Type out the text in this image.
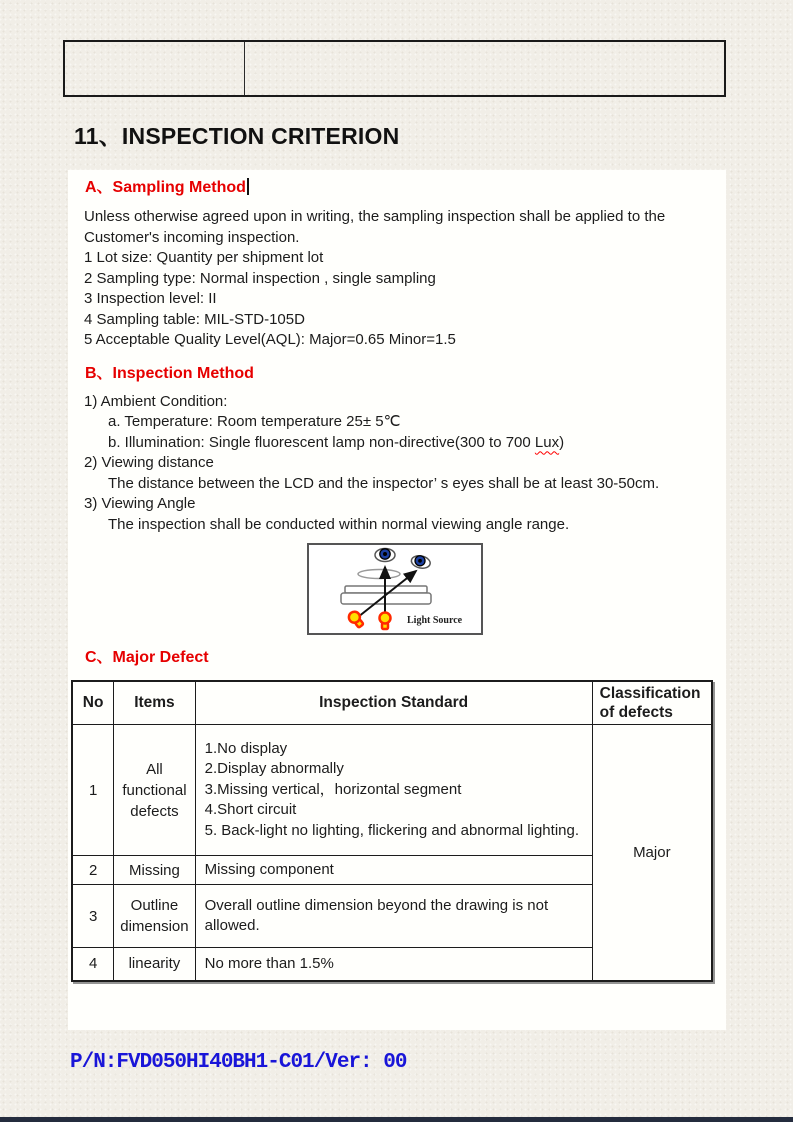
11、INSPECTION CRITERION
A、Sampling Method
Unless otherwise agreed upon in writing, the sampling inspection shall be applied to the Customer's incoming inspection.
1 Lot size: Quantity per shipment lot
2 Sampling type: Normal inspection , single sampling
3 Inspection level: II
4 Sampling table: MIL-STD-105D
5 Acceptable Quality Level(AQL): Major=0.65 Minor=1.5
B、Inspection Method
1) Ambient Condition:
a. Temperature: Room temperature 25± 5℃
b. Illumination: Single fluorescent lamp non-directive(300 to 700 Lux)
2) Viewing distance
The distance between the LCD and the inspector’ s eyes shall be at least 30-50cm.
3) Viewing Angle
The inspection shall be conducted within normal viewing angle range.
Light Source
C、Major Defect
No	Items	Inspection Standard	Classification of defects
1	All functional defects	1.No display
2.Display abnormally
3.Missing vertical，horizontal segment
4.Short circuit
5. Back-light no lighting, flickering and abnormal lighting.	Major
2	Missing	Missing component	
3	Outline dimension	Overall outline dimension beyond the drawing is not allowed.	
4	linearity	No more than 1.5%	
P/N:FVD050HI40BH1-C01/Ver: 00
